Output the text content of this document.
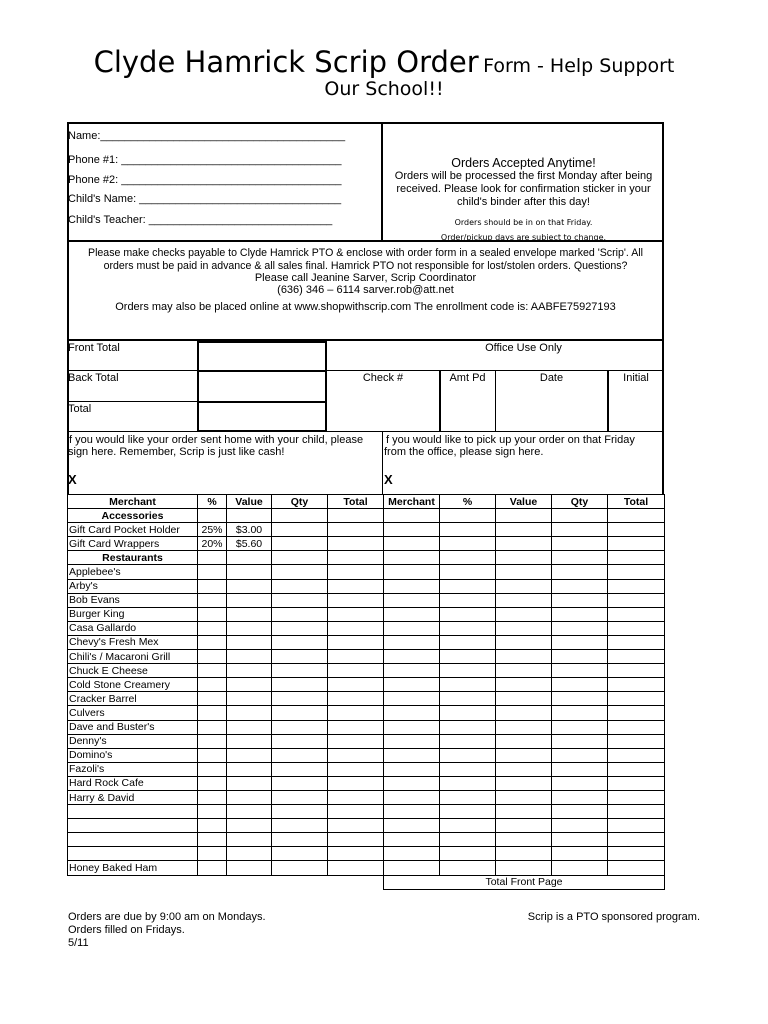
Clyde Hamrick Scrip Order Form - Help Support
Our School!!
Name:________________________________________
Phone #1: ____________________________________
Phone #2: ____________________________________
Child's Name: _________________________________
Child's Teacher: ______________________________
Orders Accepted Anytime!
Orders will be processed the first Monday after being
received. Please look for confirmation sticker in your
child's binder after this day!
Orders should be in on that Friday.
Order/pickup days are subject to change.
Please make checks payable to Clyde Hamrick PTO & enclose with order form in a sealed envelope marked 'Scrip'. All
orders must be paid in advance & all sales final. Hamrick PTO not responsible for lost/stolen orders. Questions?
Please call Jeanine Sarver, Scrip Coordinator
(636) 346 – 6114 sarver.rob@att.net
Orders may also be placed online at www.shopwithscrip.com The enrollment code is: AABFE75927193
Front Total
Back Total
Total
Office Use Only
Check #	Amt Pd	Date	Initial
f you would like your order sent home with your child, please
sign here. Remember, Scrip is just like cash!
X
f you would like to pick up your order on that Friday
from the office, please sign here.
X
Merchant	%	Value	Qty	Total
Accessories				
Gift Card Pocket Holder	25%	$3.00		
Gift Card Wrappers	20%	$5.60		
Restaurants				
Applebee's				
Arby's				
Bob Evans				
Burger King				
Casa Gallardo				
Chevy's Fresh Mex				
Chili's / Macaroni Grill				
Chuck E Cheese				
Cold Stone Creamery				
Cracker Barrel				
Culvers				
Dave and Buster's				
Denny's				
Domino's				
Fazoli's				
Hard Rock Cafe				
Harry & David				

Honey Baked Ham				
Merchant	%	Value	Qty	Total

Total Front Page				
Orders are due by 9:00 am on Mondays.
Orders filled on Fridays.
5/11
Scrip is a PTO sponsored program.
